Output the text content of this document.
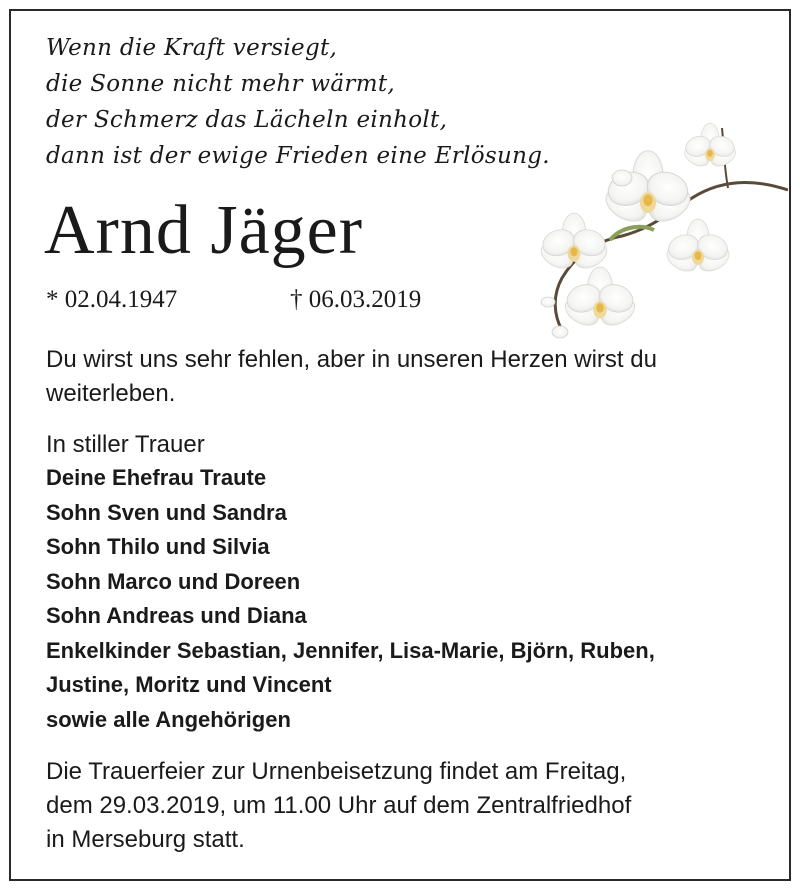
Wenn die Kraft versiegt,
die Sonne nicht mehr wärmt,
der Schmerz das Lächeln einholt,
dann ist der ewige Frieden eine Erlösung.
Arnd Jäger
* 02.04.1947	† 06.03.2019
Du wirst uns sehr fehlen, aber in unseren Herzen wirst du
weiterleben.
In stiller Trauer
Deine Ehefrau Traute
Sohn Sven und Sandra
Sohn Thilo und Silvia
Sohn Marco und Doreen
Sohn Andreas und Diana
Enkelkinder Sebastian, Jennifer, Lisa-Marie, Björn, Ruben,
Justine, Moritz und Vincent
sowie alle Angehörigen
Die Trauerfeier zur Urnenbeisetzung findet am Freitag,
dem 29.03.2019, um 11.00 Uhr auf dem Zentralfriedhof
in Merseburg statt.
